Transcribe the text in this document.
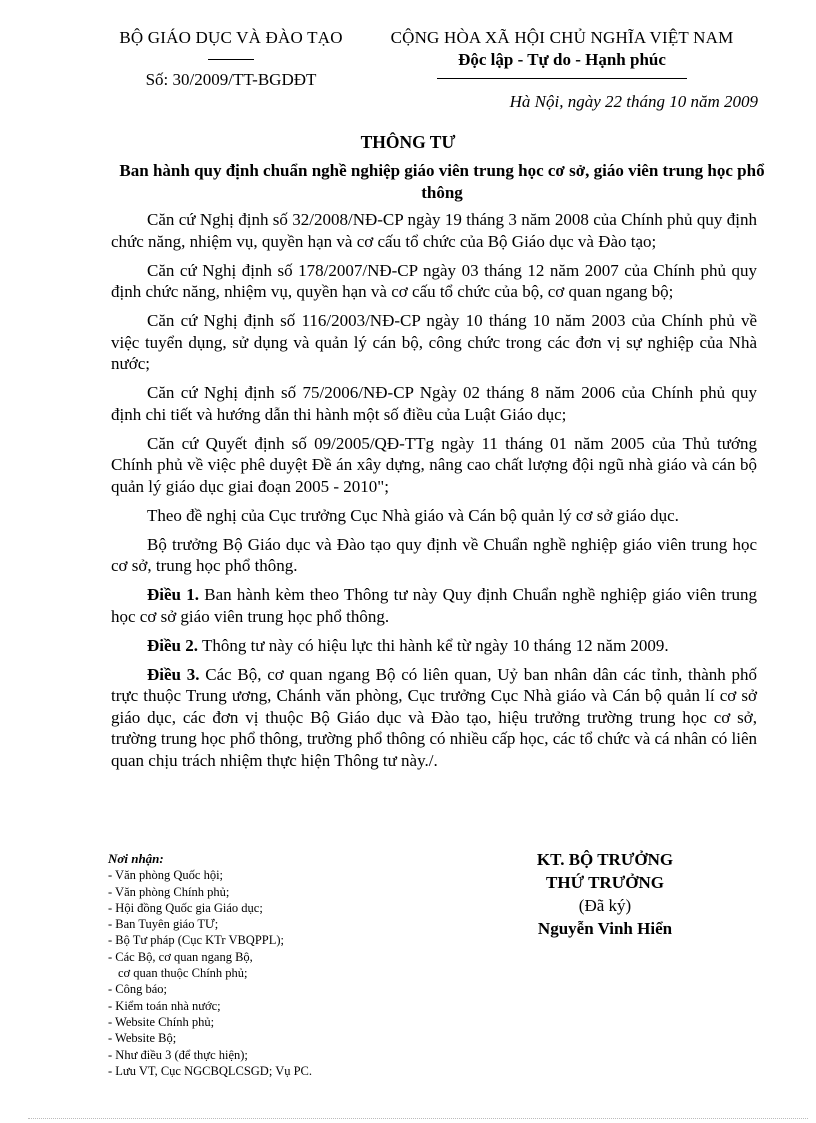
BỘ GIÁO DỤC VÀ ĐÀO TẠO
Số: 30/2009/TT-BGDĐT
CỘNG HÒA XÃ HỘI CHỦ NGHĨA VIỆT NAM
Độc lập - Tự do - Hạnh phúc
Hà Nội, ngày 22 tháng 10 năm 2009
THÔNG TƯ
Ban hành quy định chuẩn nghề nghiệp giáo viên trung học cơ sở, giáo viên trung học phổ thông

Căn cứ Nghị định số 32/2008/NĐ-CP ngày 19 tháng 3 năm 2008 của Chính phủ quy định chức năng, nhiệm vụ, quyền hạn và cơ cấu tổ chức của Bộ Giáo dục và Đào tạo;

Căn cứ Nghị định số 178/2007/NĐ-CP ngày 03 tháng 12 năm 2007 của Chính phủ quy định chức năng, nhiệm vụ, quyền hạn và cơ cấu tổ chức của bộ, cơ quan ngang bộ;

Căn cứ Nghị định số 116/2003/NĐ-CP ngày 10 tháng 10 năm 2003 của Chính phủ về việc tuyển dụng, sử dụng và quản lý cán bộ, công chức trong các đơn vị sự nghiệp của Nhà nước;

Căn cứ Nghị định số 75/2006/NĐ-CP Ngày 02 tháng 8 năm 2006 của Chính phủ quy định chi tiết và hướng dẫn thi hành một số điều của Luật Giáo dục;

Căn cứ Quyết định số 09/2005/QĐ-TTg ngày 11 tháng 01 năm 2005 của Thủ tướng Chính phủ về việc phê duyệt Đề án xây dựng, nâng cao chất lượng đội ngũ nhà giáo và cán bộ quản lý giáo dục giai đoạn 2005 - 2010";

Theo đề nghị của Cục trưởng Cục Nhà giáo và Cán bộ quản lý cơ sở giáo dục.

Bộ trưởng Bộ Giáo dục và Đào tạo quy định về Chuẩn nghề nghiệp giáo viên trung học cơ sở, trung học phổ thông.

Điều 1. Ban hành kèm theo Thông tư này Quy định Chuẩn nghề nghiệp giáo viên trung học cơ sở giáo viên trung học phổ thông.

Điều 2. Thông tư này có hiệu lực thi hành kể từ ngày 10 tháng 12 năm 2009.

Điều 3. Các Bộ, cơ quan ngang Bộ có liên quan, Uỷ ban nhân dân các tỉnh, thành phố trực thuộc Trung ương, Chánh văn phòng, Cục trưởng Cục Nhà giáo và Cán bộ quản lí cơ sở giáo dục, các đơn vị thuộc Bộ Giáo dục và Đào tạo, hiệu trưởng trường trung học cơ sở, trường trung học phổ thông, trường phổ thông có nhiều cấp học, các tổ chức và cá nhân có liên quan chịu trách nhiệm thực hiện Thông tư này./.

Nơi nhận:
- Văn phòng Quốc hội;
- Văn phòng Chính phủ;
- Hội đồng Quốc gia Giáo dục;
- Ban Tuyên giáo TƯ;
- Bộ Tư pháp (Cục KTr VBQPPL);
- Các Bộ, cơ quan ngang Bộ,
cơ quan thuộc Chính phủ;
- Công báo;
- Kiểm toán nhà nước;
- Website Chính phủ;
- Website Bộ;
- Như điều 3 (để thực hiện);
- Lưu VT, Cục NGCBQLCSGD; Vụ PC.
KT. BỘ TRƯỞNG
THỨ TRƯỞNG
(Đã ký)
Nguyễn Vinh Hiển
